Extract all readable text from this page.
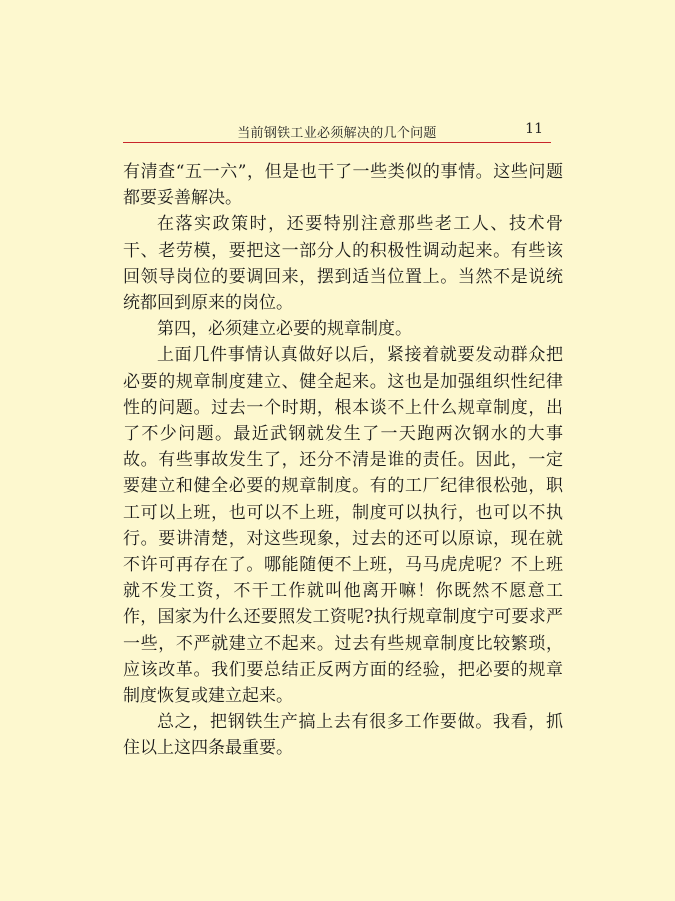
当前钢铁工业必须解决的几个问题	11

有清查“五一六”，但是也干了一些类似的事情。这些问题都要妥善解决。

在落实政策时，还要特别注意那些老工人、技术骨干、老劳模，要把这一部分人的积极性调动起来。有些该回领导岗位的要调回来，摆到适当位置上。当然不是说统统都回到原来的岗位。

第四，必须建立必要的规章制度。

上面几件事情认真做好以后，紧接着就要发动群众把必要的规章制度建立、健全起来。这也是加强组织性纪律性的问题。过去一个时期，根本谈不上什么规章制度，出了不少问题。最近武钢就发生了一天跑两次钢水的大事故。有些事故发生了，还分不清是谁的责任。因此，一定要建立和健全必要的规章制度。有的工厂纪律很松弛，职工可以上班，也可以不上班，制度可以执行，也可以不执行。要讲清楚，对这些现象，过去的还可以原谅，现在就不许可再存在了。哪能随便不上班，马马虎虎呢？不上班就不发工资，不干工作就叫他离开嘛！你既然不愿意工作，国家为什么还要照发工资呢?执行规章制度宁可要求严一些，不严就建立不起来。过去有些规章制度比较繁琐，应该改革。我们要总结正反两方面的经验，把必要的规章制度恢复或建立起来。

总之，把钢铁生产搞上去有很多工作要做。我看，抓住以上这四条最重要。
